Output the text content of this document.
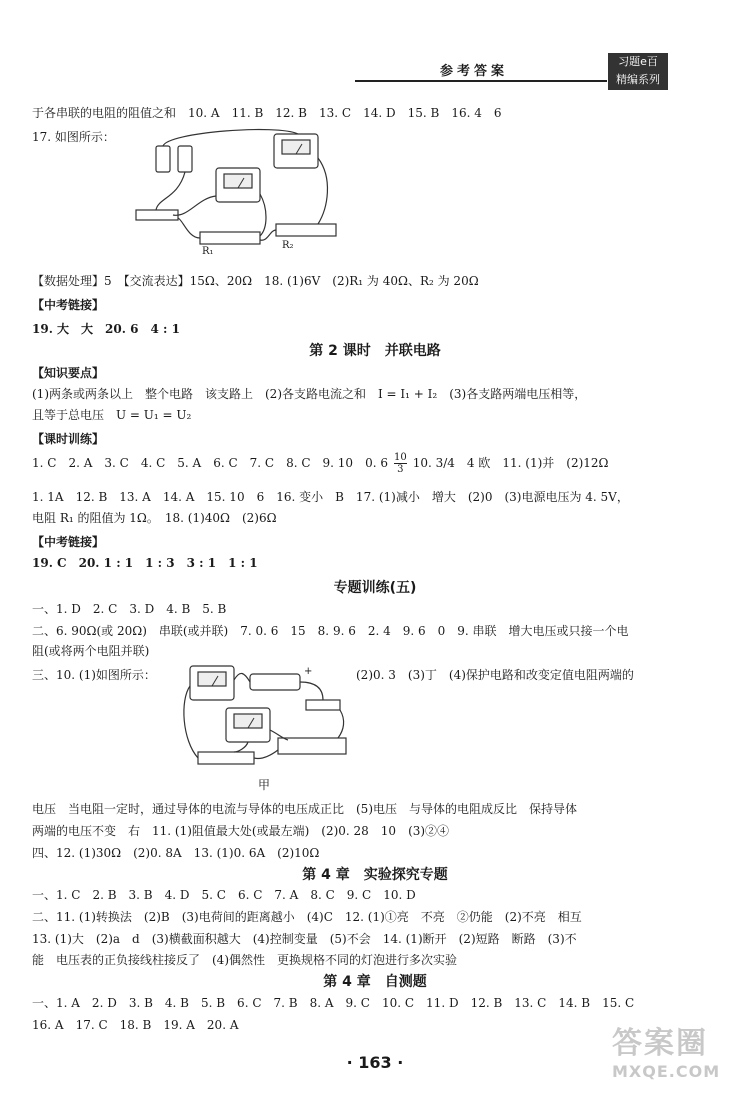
参考答案
习题e百
精编系列
于各串联的电阻的阻值之和　10. A　11. B　12. B　13. C　14. D　15. B　16. 4　6
17. 如图所示：
R₁
R₂
【数据处理】5　【交流表达】15Ω、20Ω　18. (1)6V　(2)R₁ 为 40Ω、R₂ 为 20Ω
【中考链接】
19. 大　大　20. 6　4 : 1
第 2 课时　并联电路
【知识要点】
(1)两条或两条以上　整个电路　该支路上　(2)各支路电流之和　I = I₁ + I₂　(3)各支路两端电压相等，
且等于总电压　U = U₁ = U₂
【课时训练】
1. C　2. A　3. C　4. C　5. A　6. C　7. C　8. C　9. 10　0. $6 \frac{10}{3} 10$. 3/4　4 欧　11. (1)并　(2)12Ω
1. 1A　12. B　13. A　14. A　15. 10　6　16. 变小　B　17. (1)减小　增大　(2)0　(3)电源电压为 4. 5V，
电阻 R₁ 的阻值为 1Ω。　18. (1)40Ω　(2)6Ω
【中考链接】
19. C　20. 1 : 1　1 : 3　3 : 1　1 : 1
专题训练(五)
一、1. D　2. C　3. D　4. B　5. B
二、6. 90Ω(或 20Ω)　串联(或并联)　7. 0. 6　15　8. 9. 6　2. 4　9. 6　0　9. 串联　增大电压或只接一个电
阻(或将两个电阻并联)
三、10. (1)如图所示：	(2)0. 3　(3)丁　(4)保护电路和改变定值电阻两端的
+
甲
电压　当电阻一定时，通过导体的电流与导体的电压成正比　(5)电压　与导体的电阻成反比　保持导体
两端的电压不变　右　11. (1)阻值最大处(或最左端)　(2)0. 28　10　(3)②④
四、12. (1)30Ω　(2)0. 8A　13. (1)0. 6A　(2)10Ω
第 4 章　实验探究专题
一、1. C　2. B　3. B　4. D　5. C　6. C　7. A　8. C　9. C　10. D
二、11. (1)转换法　(2)B　(3)电荷间的距离越小　(4)C　12. (1)①亮　不亮　②仍能　(2)不亮　相互
13. (1)大　(2)a　d　(3)横截面积越大　(4)控制变量　(5)不会　14. (1)断开　(2)短路　断路　(3)不
能　电压表的正负接线柱接反了　(4)偶然性　更换规格不同的灯泡进行多次实验
第 4 章　自测题
一、1. A　2. D　3. B　4. B　5. B　6. C　7. B　8. A　9. C　10. C　11. D　12. B　13. C　14. B　15. C
16. A　17. C　18. B　19. A　20. A
· 163 ·
答案圈
MXQE.COM
